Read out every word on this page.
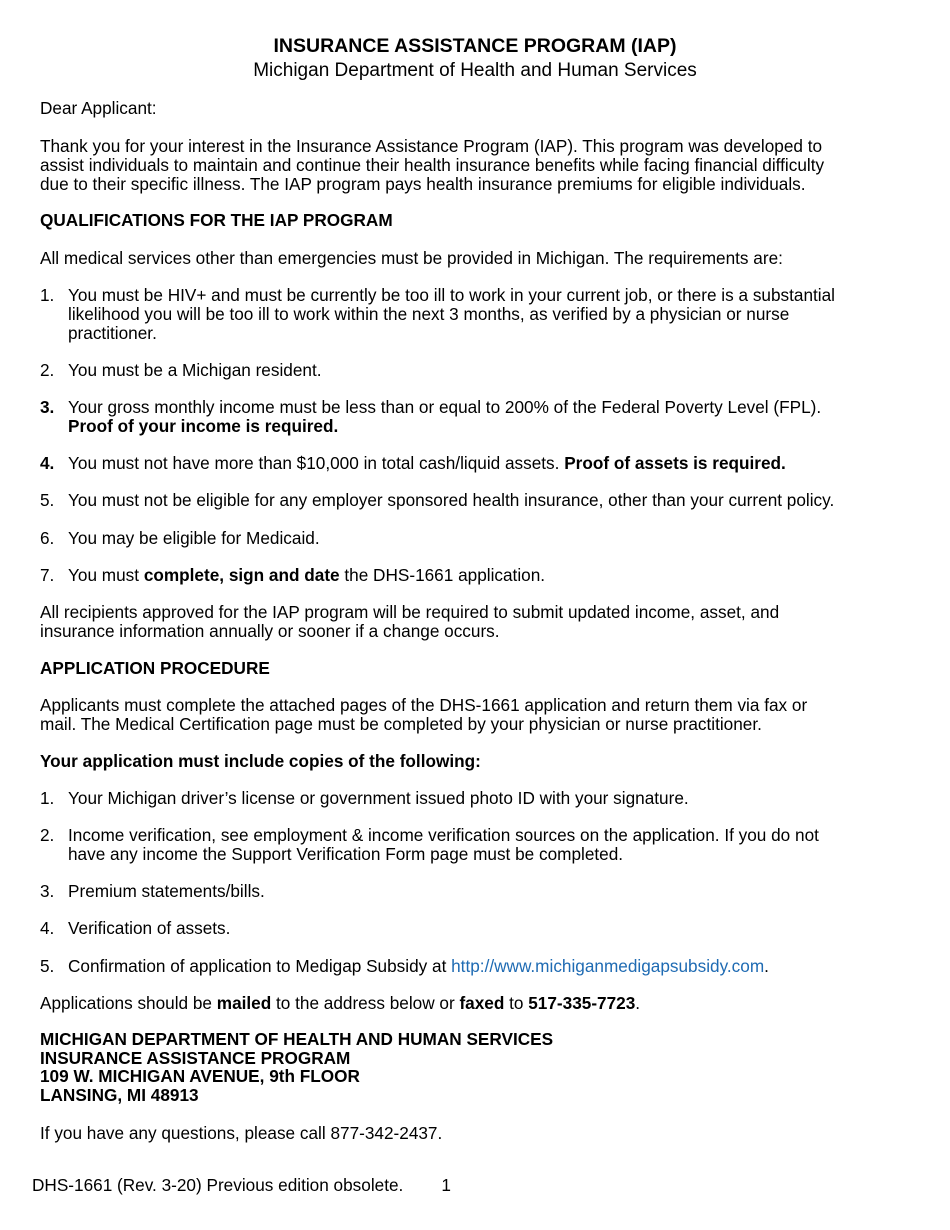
INSURANCE ASSISTANCE PROGRAM (IAP)
Michigan Department of Health and Human Services
Dear Applicant:
Thank you for your interest in the Insurance Assistance Program (IAP). This program was developed to
assist individuals to maintain and continue their health insurance benefits while facing financial difficulty
due to their specific illness. The IAP program pays health insurance premiums for eligible individuals.
QUALIFICATIONS FOR THE IAP PROGRAM
All medical services other than emergencies must be provided in Michigan. The requirements are:
1. You must be HIV+ and must be currently be too ill to work in your current job, or there is a substantial
likelihood you will be too ill to work within the next 3 months, as verified by a physician or nurse
practitioner.
2. You must be a Michigan resident.
3. Your gross monthly income must be less than or equal to 200% of the Federal Poverty Level (FPL).
Proof of your income is required.
4. You must not have more than $10,000 in total cash/liquid assets. Proof of assets is required.
5. You must not be eligible for any employer sponsored health insurance, other than your current policy.
6. You may be eligible for Medicaid.
7. You must complete, sign and date the DHS-1661 application.
All recipients approved for the IAP program will be required to submit updated income, asset, and
insurance information annually or sooner if a change occurs.
APPLICATION PROCEDURE
Applicants must complete the attached pages of the DHS-1661 application and return them via fax or
mail. The Medical Certification page must be completed by your physician or nurse practitioner.
Your application must include copies of the following:
1. Your Michigan driver’s license or government issued photo ID with your signature.
2. Income verification, see employment & income verification sources on the application. If you do not
have any income the Support Verification Form page must be completed.
3. Premium statements/bills.
4. Verification of assets.
5. Confirmation of application to Medigap Subsidy at http://www.michiganmedigapsubsidy.com.
Applications should be mailed to the address below or faxed to 517-335-7723.
MICHIGAN DEPARTMENT OF HEALTH AND HUMAN SERVICES
INSURANCE ASSISTANCE PROGRAM
109 W. MICHIGAN AVENUE, 9th FLOOR
LANSING, MI 48913
If you have any questions, please call 877-342-2437.
DHS-1661 (Rev. 3-20) Previous edition obsolete. 1
